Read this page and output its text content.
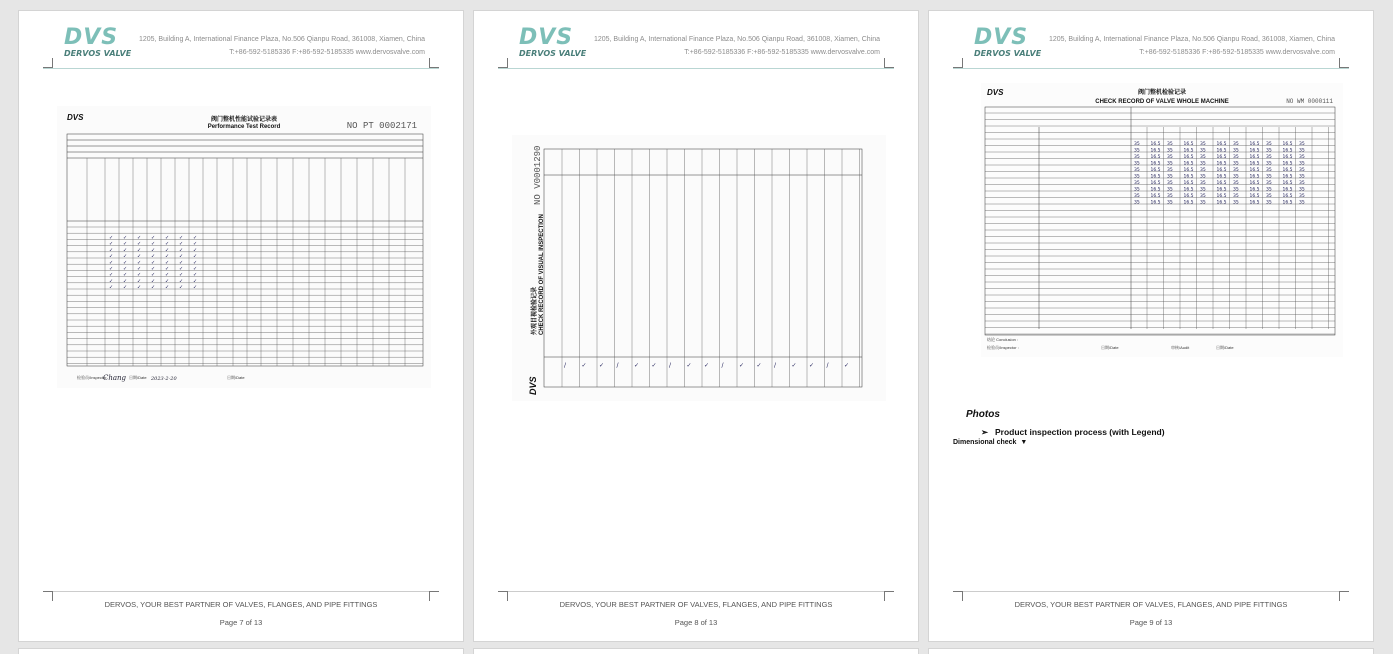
DVS
DERVOS VALVE
1205, Building A, International Finance Plaza, No.506 Qianpu Road, 361008, Xiamen, China
T:+86-592-5185336 F:+86-592-5185335 www.dervosvalve.com
DVS	阀门整机性能试验记录表
Performance Test Record	NO PT 0002171
✓ ✓ ✓ ✓ ✓ ✓ ✓
✓ ✓ ✓ ✓ ✓ ✓ ✓
✓ ✓ ✓ ✓ ✓ ✓ ✓
✓ ✓ ✓ ✓ ✓ ✓ ✓
✓ ✓ ✓ ✓ ✓ ✓ ✓
✓ ✓ ✓ ✓ ✓ ✓ ✓
✓ ✓ ✓ ✓ ✓ ✓ ✓
✓ ✓ ✓ ✓ ✓ ✓ ✓
✓ ✓ ✓ ✓ ✓ ✓ ✓
检验员/Inspector
Chang 日期/Date 2023-2-20	日期/Date
DERVOS, YOUR BEST PARTNER OF VALVES, FLANGES, AND PIPE FITTINGS
Page 7 of 13
DVS
DERVOS VALVE
1205, Building A, International Finance Plaza, No.506 Qianpu Road, 361008, Xiamen, China
T:+86-592-5185336 F:+86-592-5185335 www.dervosvalve.com
DVS
外观目视检验记录 CHECK RECORD OF VISUAL INSPECTION
NO V0001290
/	✓ ✓ /	✓ ✓ /	✓ ✓ /	✓ ✓ /	✓ ✓ /	✓
DERVOS, YOUR BEST PARTNER OF VALVES, FLANGES, AND PIPE FITTINGS
Page 8 of 13
DVS
DERVOS VALVE
1205, Building A, International Finance Plaza, No.506 Qianpu Road, 361008, Xiamen, China
T:+86-592-5185336 F:+86-592-5185335 www.dervosvalve.com
DVS	阀门整机检验记录
CHECK RECORD OF VALVE WHOLE MACHINE	NO WM 0000111
35 16.5 35 16.5 35 16.5 35 16.5 35 16.5 35
35 16.5 35 16.5 35 16.5 35 16.5 35 16.5 35
35 16.5 35 16.5 35 16.5 35 16.5 35 16.5 35
35 16.5 35 16.5 35 16.5 35 16.5 35 16.5 35
35 16.5 35 16.5 35 16.5 35 16.5 35 16.5 35
35 16.5 35 16.5 35 16.5 35 16.5 35 16.5 35
35 16.5 35 16.5 35 16.5 35 16.5 35 16.5 35
35 16.5 35 16.5 35 16.5 35 16.5 35 16.5 35
35 16.5 35 16.5 35 16.5 35 16.5 35 16.5 35
35 16.5 35 16.5 35 16.5 35 16.5 35 16.5 35
结论 Conclusion :
检验员/Inspector :	日期/Date	审核/Audit	日期/Date
Photos
➢ Product inspection process (with Legend)
Dimensional check ▼
DERVOS, YOUR BEST PARTNER OF VALVES, FLANGES, AND PIPE FITTINGS
Page 9 of 13
